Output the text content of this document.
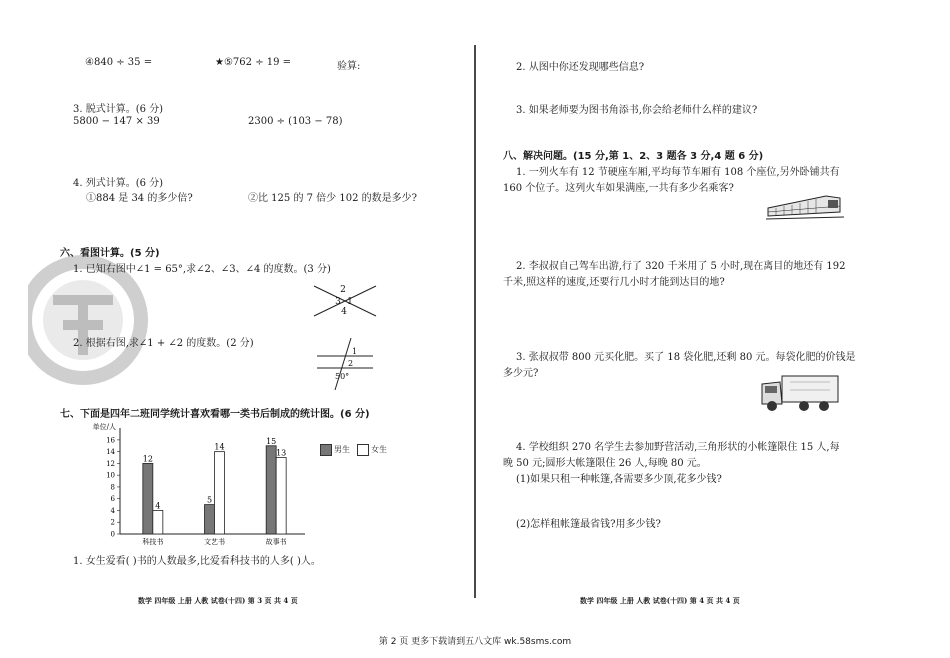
④840 ÷ 35 =	★⑤762 ÷ 19 =	验算:
3. 脱式计算。(6 分)
5800 − 147 × 39	2300 ÷ (103 − 78)
4. 列式计算。(6 分)
①884 是 34 的多少倍?	②比 125 的 7 倍少 102 的数是多少?
六、看图计算。(5 分)
1. 已知右图中∠1 = 65°,求∠2、∠3、∠4 的度数。(3 分)
2
3 1
4
2. 根据右图,求∠1 + ∠2 的度数。(2 分)
1
50°
2
七、下面是四年二班同学统计喜欢看哪一类书后制成的统计图。(6 分)
单位/人
0
2
4
6
8
10
12
14
16
12
4
科技书
5
14
文艺书
15
13
故事书
男生	女生
1. 女生爱看( )书的人数最多,比爱看科技书的人多( )人。
数学 四年级 上册 人教 试卷(十四) 第 3 页 共 4 页
2. 从图中你还发现哪些信息?
3. 如果老师要为图书角添书,你会给老师什么样的建议?
八、解决问题。(15 分,第 1、2、3 题各 3 分,4 题 6 分)
1. 一列火车有 12 节硬座车厢,平均每节车厢有 108 个座位,另外卧铺共有
160 个位子。这列火车如果满座,一共有多少名乘客?
2. 李叔叔自己驾车出游,行了 320 千米用了 5 小时,现在离目的地还有 192
千米,照这样的速度,还要行几小时才能到达目的地?
3. 张叔叔带 800 元买化肥。买了 18 袋化肥,还剩 80 元。每袋化肥的价钱是
多少元?
4. 学校组织 270 名学生去参加野营活动,三角形状的小帐篷限住 15 人,每
晚 50 元;圆形大帐篷限住 26 人,每晚 80 元。
(1)如果只租一种帐篷,各需要多少顶,花多少钱?
(2)怎样租帐篷最省钱?用多少钱?
数学 四年级 上册 人教 试卷(十四) 第 4 页 共 4 页
第 2 页 更多下载请到五八文库 wk.58sms.com
